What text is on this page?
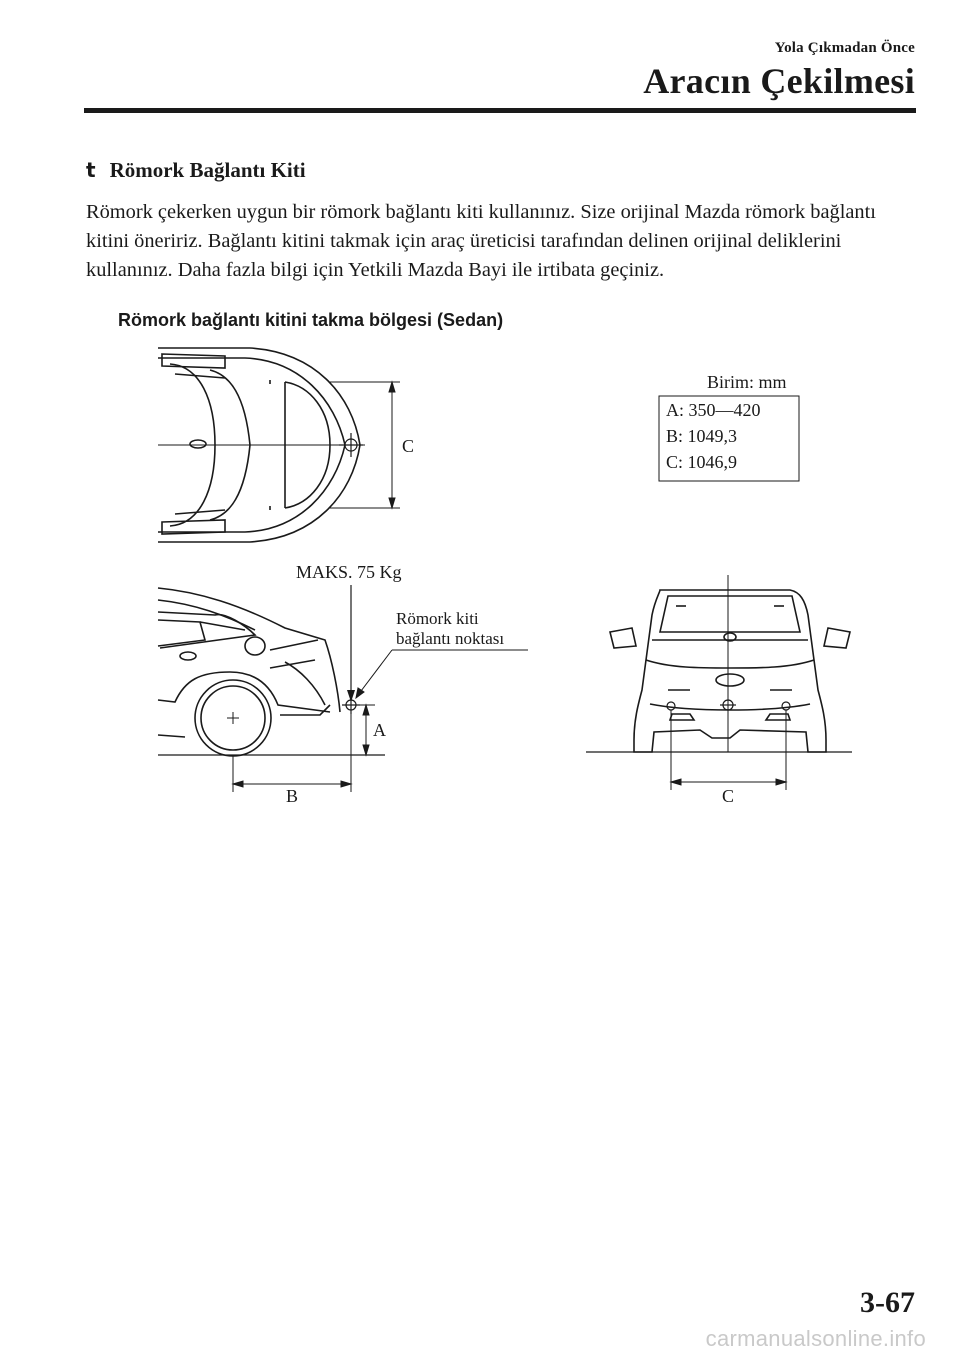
Yola Çıkmadan Önce
Aracın Çekilmesi
t Römork Bağlantı Kiti
Römork çekerken uygun bir römork bağlantı kiti kullanınız. Size orijinal Mazda römork bağlantı kitini öneririz. Bağlantı kitini takmak için araç üreticisi tarafından delinen orijinal deliklerini kullanınız. Daha fazla bilgi için Yetkili Mazda Bayi ile irtibata geçiniz.
Römork bağlantı kitini takma bölgesi (Sedan)
C
Birim: mm
A: 350—420
B: 1049,3
C: 1046,9
MAKS. 75 Kg
Römork kiti
bağlantı noktası
A
B	C
3-67
carmanualsonline.info
